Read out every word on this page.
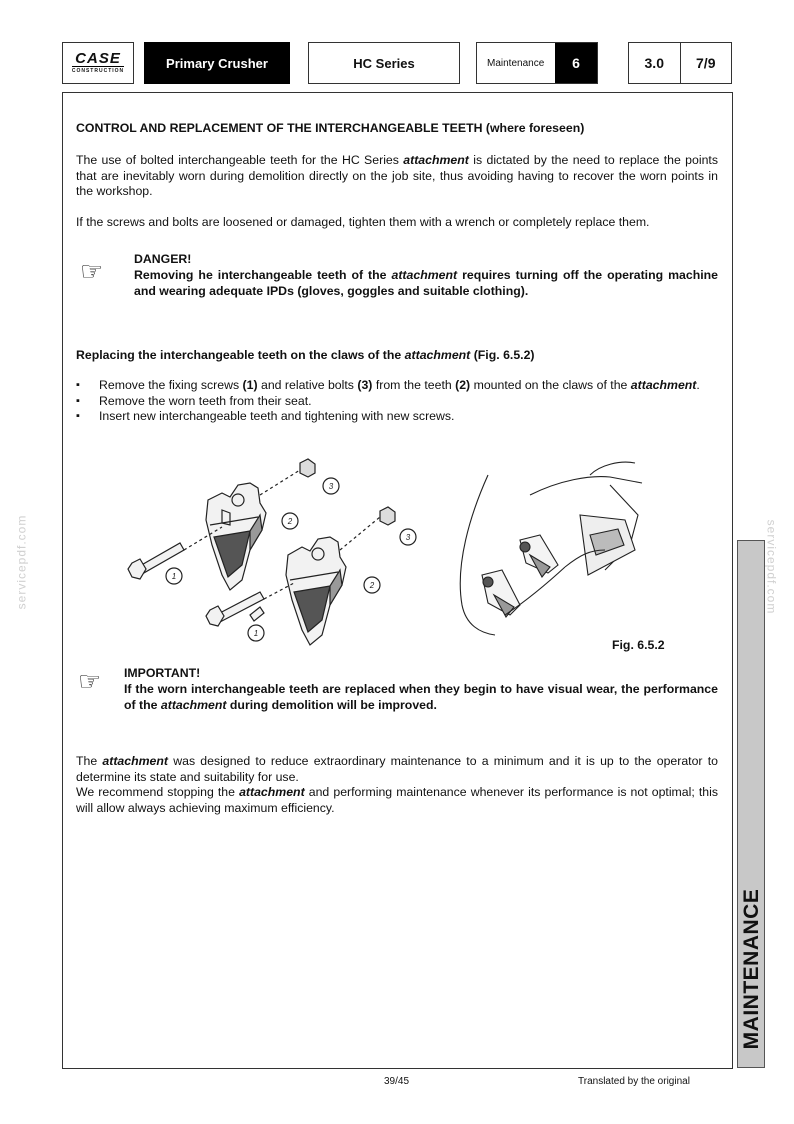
CASE
CONSTRUCTION	Primary Crusher	HC Series	Maintenance	6	3.0	7/9
CONTROL AND REPLACEMENT OF THE INTERCHANGEABLE TEETH (where foreseen)

The use of bolted interchangeable teeth for the HC Series attachment is dictated by the need to replace the points that are inevitably worn during demolition directly on the job site, thus avoiding having to recover the worn points in the workshop.

If the screws and bolts are loosened or damaged, tighten them with a wrench or completely replace them.

☞ DANGER!

Removing he interchangeable teeth of the attachment requires turning off the operating machine and wearing adequate IPDs (gloves, goggles and suitable clothing).

Replacing the interchangeable teeth on the claws of the attachment (Fig. 6.5.2)
▪ Remove the fixing screws (1) and relative bolts (3) from the teeth (2) mounted on the claws of the attachment.
▪ Remove the worn teeth from their seat.
▪ Insert new interchangeable teeth and tightening with new screws.
1
2
3
1
2
3
Fig. 6.5.2
☞ IMPORTANT!

If the worn interchangeable teeth are replaced when they begin to have visual wear, the performance of the attachment during demolition will be improved.

The attachment was designed to reduce extraordinary maintenance to a minimum and it is up to the operator to determine its state and suitability for use.
We recommend stopping the attachment and performing maintenance whenever its performance is not optimal; this will allow always achieving maximum efficiency.

MAINTENANCE
servicepdf.com	servicepdf.com
39/45	Translated by the original
